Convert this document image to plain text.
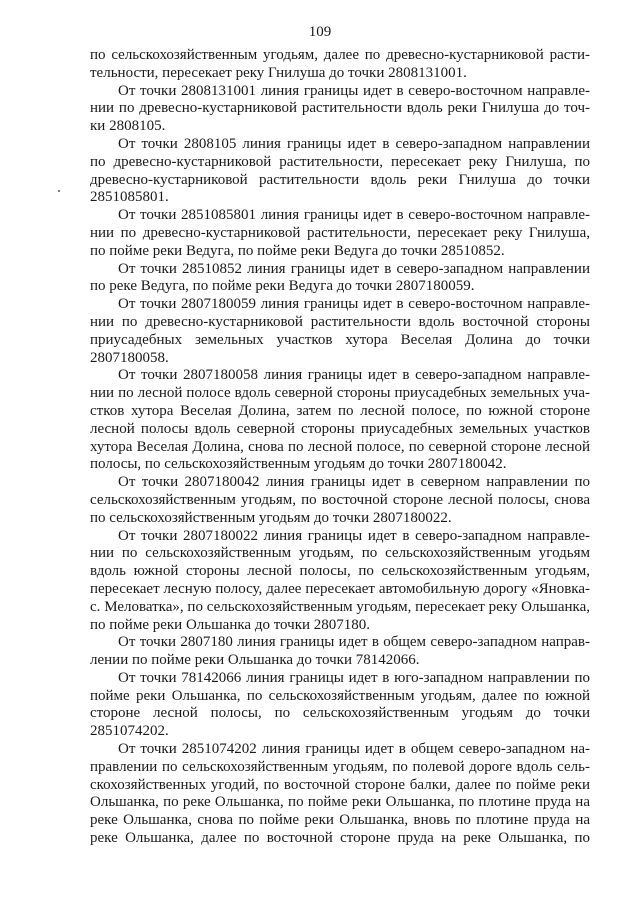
109

по сельскохозяйственным угодьям, далее по древесно-кустарниковой расти-
тельности, пересекает реку Гнилуша до точки 2808131001.

От точки 2808131001 линия границы идет в северо-восточном направле-
нии по древесно-кустарниковой растительности вдоль реки Гнилуша до точ-
ки 2808105.

От точки 2808105 линия границы идет в северо-западном направлении
по древесно-кустарниковой растительности, пересекает реку Гнилуша, по
древесно-кустарниковой растительности вдоль реки Гнилуша до точки
2851085801.

От точки 2851085801 линия границы идет в северо-восточном направле-
нии по древесно-кустарниковой растительности, пересекает реку Гнилуша,
по пойме реки Ведуга, по пойме реки Ведуга до точки 28510852.

От точки 28510852 линия границы идет в северо-западном направлении
по реке Ведуга, по пойме реки Ведуга до точки 2807180059.

От точки 2807180059 линия границы идет в северо-восточном направле-
нии по древесно-кустарниковой растительности вдоль восточной стороны
приусадебных земельных участков хутора Веселая Долина до точки
2807180058.

От точки 2807180058 линия границы идет в северо-западном направле-
нии по лесной полосе вдоль северной стороны приусадебных земельных уча-
стков хутора Веселая Долина, затем по лесной полосе, по южной стороне
лесной полосы вдоль северной стороны приусадебных земельных участков
хутора Веселая Долина, снова по лесной полосе, по северной стороне лесной
полосы, по сельскохозяйственным угодьям до точки 2807180042.

От точки 2807180042 линия границы идет в северном направлении по
сельскохозяйственным угодьям, по восточной стороне лесной полосы, снова
по сельскохозяйственным угодьям до точки 2807180022.

От точки 2807180022 линия границы идет в северо-западном направле-
нии по сельскохозяйственным угодьям, по сельскохозяйственным угодьям
вдоль южной стороны лесной полосы, по сельскохозяйственным угодьям,
пересекает лесную полосу, далее пересекает автомобильную дорогу «Яновка-
с. Меловатка», по сельскохозяйственным угодьям, пересекает реку Ольшанка,
по пойме реки Ольшанка до точки 2807180.

От точки 2807180 линия границы идет в общем северо-западном направ-
лении по пойме реки Ольшанка до точки 78142066.

От точки 78142066 линия границы идет в юго-западном направлении по
пойме реки Ольшанка, по сельскохозяйственным угодьям, далее по южной
стороне лесной полосы, по сельскохозяйственным угодьям до точки
2851074202.

От точки 2851074202 линия границы идет в общем северо-западном на-
правлении по сельскохозяйственным угодьям, по полевой дороге вдоль сель-
скохозяйственных угодий, по восточной стороне балки, далее по пойме реки
Ольшанка, по реке Ольшанка, по пойме реки Ольшанка, по плотине пруда на
реке Ольшанка, снова по пойме реки Ольшанка, вновь по плотине пруда на
реке Ольшанка, далее по восточной стороне пруда на реке Ольшанка, по
